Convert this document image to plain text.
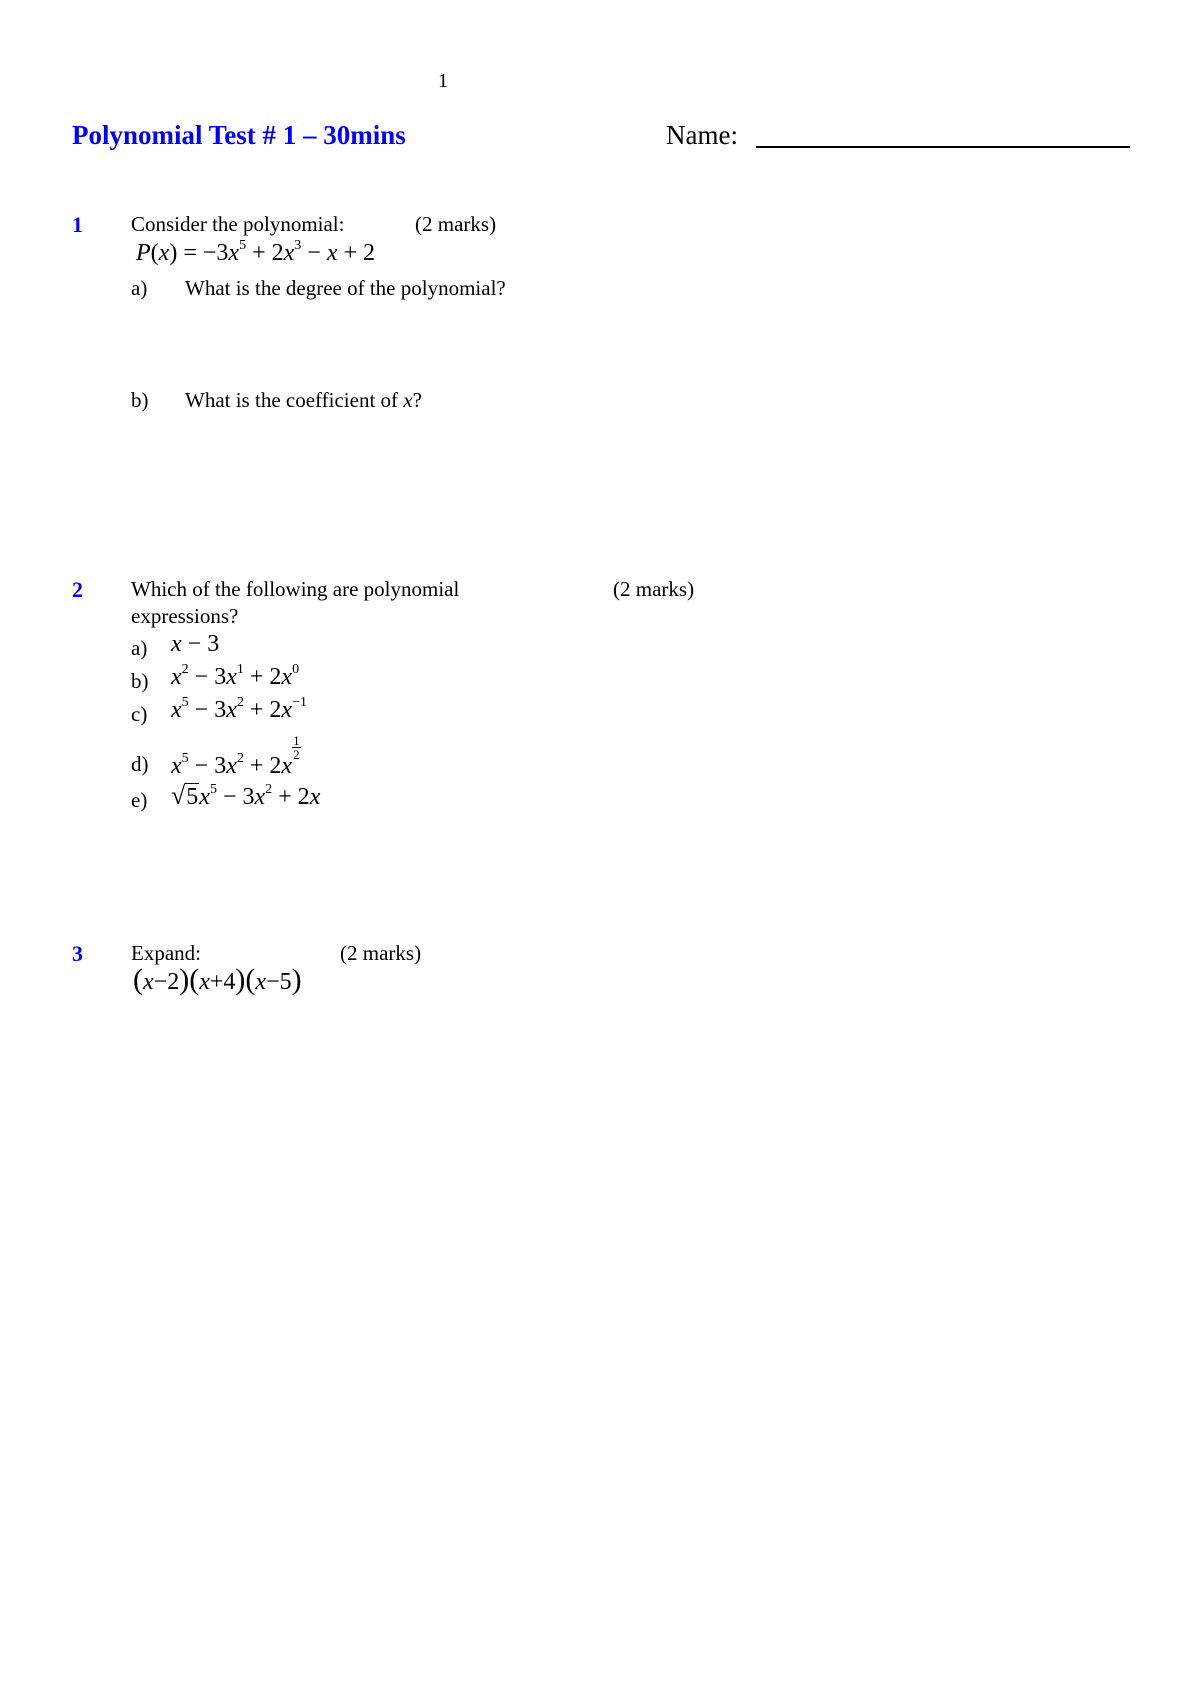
1
Polynomial Test # 1 – 30mins	Name:
1 Consider the polynomial:	(2 marks)
$P(x) = -3x^5 + 2x^3 - x + 2$
a) What is the degree of the polynomial?
b) What is the coefficient of x?
2 Which of the following are polynomial
expressions?
(2 marks)
a) x − 3
b) $x^2 - 3x^1 + 2x^0$
c) $x^5 - 3x^2 + 2x^{-1}$
d) $x^5 - 3x^2 + 2x$
$\frac{1}{2}$
e) $√5x^5 - 3x^2 + 2x$
3 Expand:	(2 marks)
(x−2)(x+4)(x−5)
